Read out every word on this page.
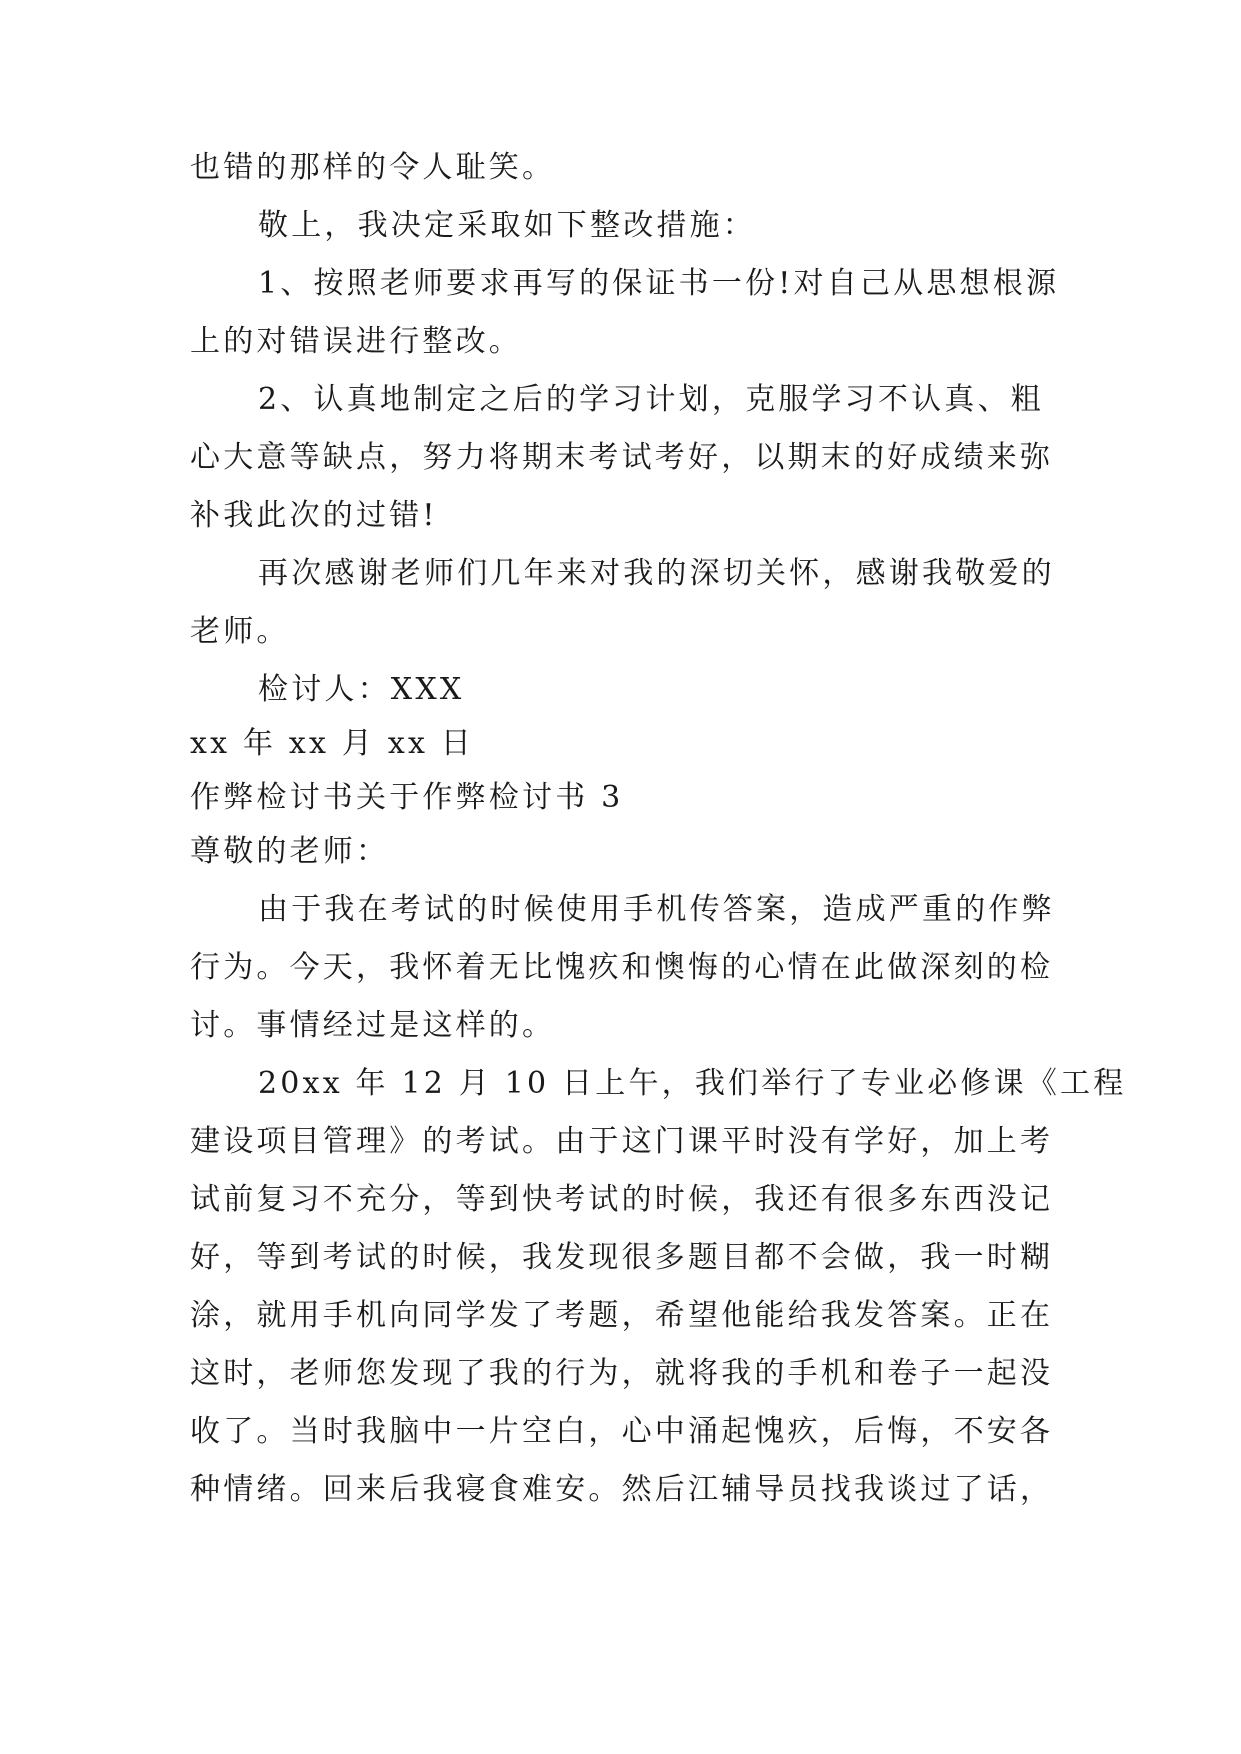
也错的那样的令人耻笑。
敬上，我决定采取如下整改措施：
1、按照老师要求再写的保证书一份!对自己从思想根源
上的对错误进行整改。
2、认真地制定之后的学习计划，克服学习不认真、粗
心大意等缺点，努力将期末考试考好，以期末的好成绩来弥
补我此次的过错!
再次感谢老师们几年来对我的深切关怀，感谢我敬爱的
老师。
检讨人：XXX
xx 年 xx 月 xx 日
作弊检讨书关于作弊检讨书 3
尊敬的老师：
由于我在考试的时候使用手机传答案，造成严重的作弊
行为。今天，我怀着无比愧疚和懊悔的心情在此做深刻的检
讨。事情经过是这样的。
20xx 年 12 月 10 日上午，我们举行了专业必修课《工程
建设项目管理》的考试。由于这门课平时没有学好，加上考
试前复习不充分，等到快考试的时候，我还有很多东西没记
好，等到考试的时候，我发现很多题目都不会做，我一时糊
涂，就用手机向同学发了考题，希望他能给我发答案。正在
这时，老师您发现了我的行为，就将我的手机和卷子一起没
收了。当时我脑中一片空白，心中涌起愧疚，后悔，不安各
种情绪。回来后我寝食难安。然后江辅导员找我谈过了话，
